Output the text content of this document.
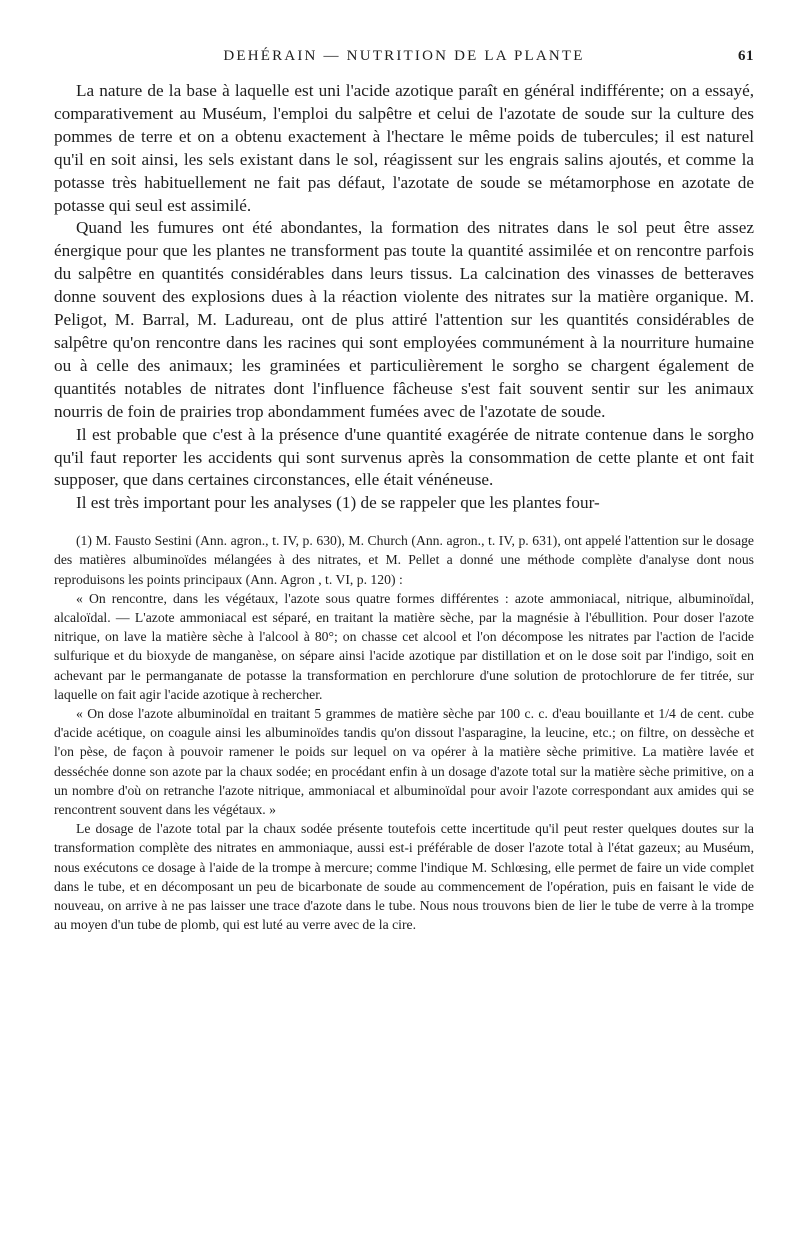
DEHÉRAIN — NUTRITION DE LA PLANTE	61

La nature de la base à laquelle est uni l'acide azotique paraît en général indifférente; on a essayé, comparativement au Muséum, l'emploi du salpêtre et celui de l'azotate de soude sur la culture des pommes de terre et on a obtenu exactement à l'hectare le même poids de tubercules; il est naturel qu'il en soit ainsi, les sels existant dans le sol, réagissent sur les engrais salins ajoutés, et comme la potasse très habituellement ne fait pas défaut, l'azotate de soude se métamorphose en azotate de potasse qui seul est assimilé.

Quand les fumures ont été abondantes, la formation des nitrates dans le sol peut être assez énergique pour que les plantes ne transforment pas toute la quantité assimilée et on rencontre parfois du salpêtre en quantités considérables dans leurs tissus. La calcination des vinasses de betteraves donne souvent des explosions dues à la réaction violente des nitrates sur la matière organique. M. Peligot, M. Barral, M. Ladureau, ont de plus attiré l'attention sur les quantités considérables de salpêtre qu'on rencontre dans les racines qui sont employées communément à la nourriture humaine ou à celle des animaux; les graminées et particulièrement le sorgho se chargent également de quantités notables de nitrates dont l'influence fâcheuse s'est fait souvent sentir sur les animaux nourris de foin de prairies trop abondamment fumées avec de l'azotate de soude.

Il est probable que c'est à la présence d'une quantité exagérée de nitrate contenue dans le sorgho qu'il faut reporter les accidents qui sont survenus après la consommation de cette plante et ont fait supposer, que dans certaines circonstances, elle était vénéneuse.

Il est très important pour les analyses (1) de se rappeler que les plantes four-

(1) M. Fausto Sestini (Ann. agron., t. IV, p. 630), M. Church (Ann. agron., t. IV, p. 631), ont appelé l'attention sur le dosage des matières albuminoïdes mélangées à des nitrates, et M. Pellet a donné une méthode complète d'analyse dont nous reproduisons les points principaux (Ann. Agron , t. VI, p. 120) :

« On rencontre, dans les végétaux, l'azote sous quatre formes différentes : azote ammoniacal, nitrique, albuminoïdal, alcaloïdal. — L'azote ammoniacal est séparé, en traitant la matière sèche, par la magnésie à l'ébullition. Pour doser l'azote nitrique, on lave la matière sèche à l'alcool à 80°; on chasse cet alcool et l'on décompose les nitrates par l'action de l'acide sulfurique et du bioxyde de manganèse, on sépare ainsi l'acide azotique par distillation et on le dose soit par l'indigo, soit en achevant par le permanganate de potasse la transformation en perchlorure d'une solution de protochlorure de fer titrée, sur laquelle on fait agir l'acide azotique à rechercher.

« On dose l'azote albuminoïdal en traitant 5 grammes de matière sèche par 100 c. c. d'eau bouillante et 1/4 de cent. cube d'acide acétique, on coagule ainsi les albuminoïdes tandis qu'on dissout l'asparagine, la leucine, etc.; on filtre, on dessèche et l'on pèse, de façon à pouvoir ramener le poids sur lequel on va opérer à la matière sèche primitive. La matière lavée et desséchée donne son azote par la chaux sodée; en procédant enfin à un dosage d'azote total sur la matière sèche primitive, on a un nombre d'où on retranche l'azote nitrique, ammoniacal et albuminoïdal pour avoir l'azote correspondant aux amides qui se rencontrent souvent dans les végétaux. »

Le dosage de l'azote total par la chaux sodée présente toutefois cette incertitude qu'il peut rester quelques doutes sur la transformation complète des nitrates en ammoniaque, aussi est-i préférable de doser l'azote total à l'état gazeux; au Muséum, nous exécutons ce dosage à l'aide de la trompe à mercure; comme l'indique M. Schlœsing, elle permet de faire un vide complet dans le tube, et en décomposant un peu de bicarbonate de soude au commencement de l'opération, puis en faisant le vide de nouveau, on arrive à ne pas laisser une trace d'azote dans le tube. Nous nous trouvons bien de lier le tube de verre à la trompe au moyen d'un tube de plomb, qui est luté au verre avec de la cire.
